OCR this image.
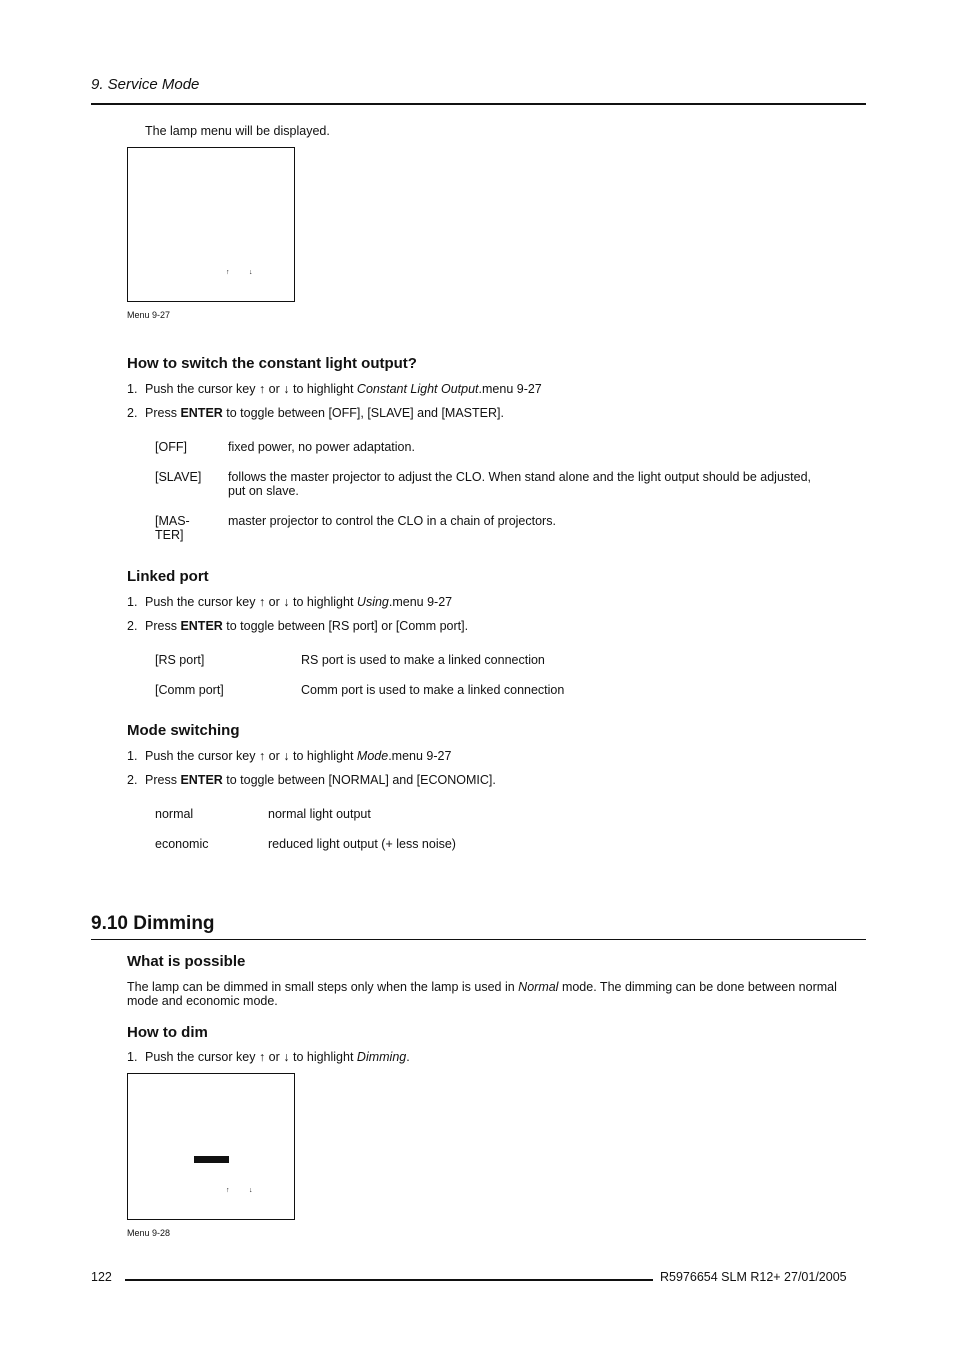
9. Service Mode
The lamp menu will be displayed.
↑	↓
Menu 9-27
How to switch the constant light output?
1. Push the cursor key ↑ or ↓ to highlight Constant Light Output.menu 9-27
2. Press ENTER to toggle between [OFF], [SLAVE] and [MASTER].
[OFF]	fixed power, no power adaptation.
[SLAVE] follows the master projector to adjust the CLO. When stand alone and the light output should be adjusted,
put on slave.
[MAS-
TER]
master projector to control the CLO in a chain of projectors.
Linked port
1. Push the cursor key ↑ or ↓ to highlight Using.menu 9-27
2. Press ENTER to toggle between [RS port] or [Comm port].
[RS port]	RS port is used to make a linked connection
[Comm port]	Comm port is used to make a linked connection
Mode switching
1. Push the cursor key ↑ or ↓ to highlight Mode.menu 9-27
2. Press ENTER to toggle between [NORMAL] and [ECONOMIC].
normal	normal light output
economic	reduced light output (+ less noise)
9.10 Dimming
What is possible
The lamp can be dimmed in small steps only when the lamp is used in Normal mode. The dimming can be done between normal
mode and economic mode.
How to dim
1. Push the cursor key ↑ or ↓ to highlight Dimming.
↑	↓
Menu 9-28
122	R5976654 SLM R12+ 27/01/2005
